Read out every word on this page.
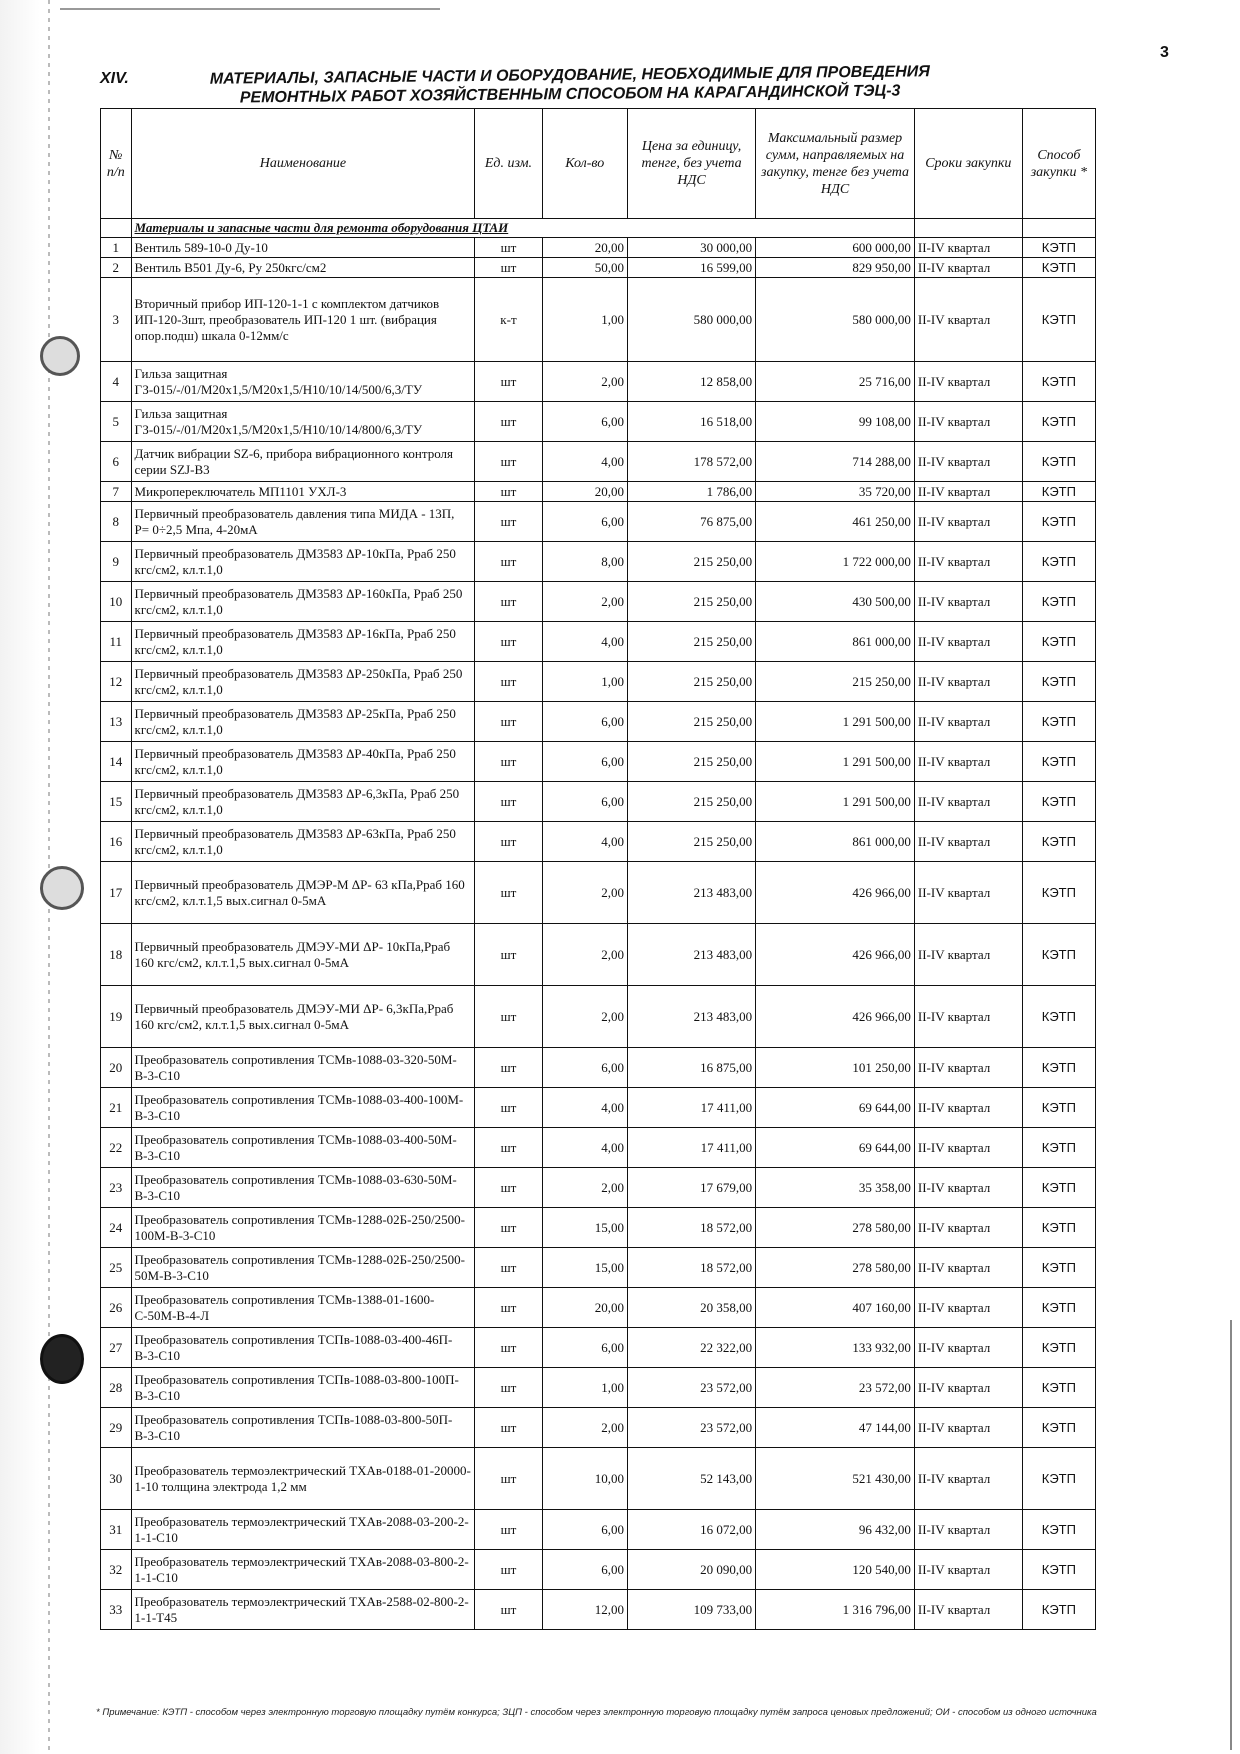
3
XIV.	МАТЕРИАЛЫ, ЗАПАСНЫЕ ЧАСТИ И ОБОРУДОВАНИЕ, НЕОБХОДИМЫЕ ДЛЯ ПРОВЕДЕНИЯ
РЕМОНТНЫХ РАБОТ ХОЗЯЙСТВЕННЫМ СПОСОБОМ НА КАРАГАНДИНСКОЙ ТЭЦ-3
№ п/п	Наименование	Ед. изм.	Кол-во	Цена за единицу, тенге, без учета НДС	Максимальный размер сумм, направляемых на закупку, тенге без учета НДС	Сроки закупки	Способ закупки *
	Материалы и запасные части для ремонта оборудования ЦТАИ						
1	Вентиль 589-10-0 Ду-10	шт	20,00	30 000,00	600 000,00	II-IV квартал	КЭТП
2	Вентиль В501 Ду-6, Ру 250кгс/см2	шт	50,00	16 599,00	829 950,00	II-IV квартал	КЭТП
3	Вторичный прибор ИП-120-1-1 с комплектом датчиков ИП-120-3шт, преобразователь ИП-120 1 шт. (вибрация опор.подш) шкала 0-12мм/с	к-т	1,00	580 000,00	580 000,00	II-IV квартал	КЭТП
4	Гильза защитная ГЗ-015/-/01/M20x1,5/M20x1,5/H10/10/14/500/6,3/ТУ	шт	2,00	12 858,00	25 716,00	II-IV квартал	КЭТП
5	Гильза защитная ГЗ-015/-/01/M20x1,5/M20x1,5/H10/10/14/800/6,3/ТУ	шт	6,00	16 518,00	99 108,00	II-IV квартал	КЭТП
6	Датчик вибрации SZ-6, прибора вибрационного контроля серии SZJ-B3	шт	4,00	178 572,00	714 288,00	II-IV квартал	КЭТП
7	Микропереключатель МП1101 УХЛ-3	шт	20,00	1 786,00	35 720,00	II-IV квартал	КЭТП
8	Первичный преобразователь давления типа МИДА - 13П, Р= 0÷2,5 Мпа, 4-20мА	шт	6,00	76 875,00	461 250,00	II-IV квартал	КЭТП
9	Первичный преобразователь ДМ3583 ΔР-10кПа, Рраб 250 кгс/см2, кл.т.1,0	шт	8,00	215 250,00	1 722 000,00	II-IV квартал	КЭТП
10	Первичный преобразователь ДМ3583 ΔР-160кПа, Рраб 250 кгс/см2, кл.т.1,0	шт	2,00	215 250,00	430 500,00	II-IV квартал	КЭТП
11	Первичный преобразователь ДМ3583 ΔР-16кПа, Рраб 250 кгс/см2, кл.т.1,0	шт	4,00	215 250,00	861 000,00	II-IV квартал	КЭТП
12	Первичный преобразователь ДМ3583 ΔР-250кПа, Рраб 250 кгс/см2, кл.т.1,0	шт	1,00	215 250,00	215 250,00	II-IV квартал	КЭТП
13	Первичный преобразователь ДМ3583 ΔР-25кПа, Рраб 250 кгс/см2, кл.т.1,0	шт	6,00	215 250,00	1 291 500,00	II-IV квартал	КЭТП
14	Первичный преобразователь ДМ3583 ΔР-40кПа, Рраб 250 кгс/см2, кл.т.1,0	шт	6,00	215 250,00	1 291 500,00	II-IV квартал	КЭТП
15	Первичный преобразователь ДМ3583 ΔР-6,3кПа, Рраб 250 кгс/см2, кл.т.1,0	шт	6,00	215 250,00	1 291 500,00	II-IV квартал	КЭТП
16	Первичный преобразователь ДМ3583 ΔР-63кПа, Рраб 250 кгс/см2, кл.т.1,0	шт	4,00	215 250,00	861 000,00	II-IV квартал	КЭТП
17	Первичный преобразователь ДМЭР-М ΔР- 63 кПа,Рраб 160 кгс/см2, кл.т.1,5 вых.сигнал 0-5мА	шт	2,00	213 483,00	426 966,00	II-IV квартал	КЭТП
18	Первичный преобразователь ДМЭУ-МИ ΔР- 10кПа,Рраб 160 кгс/см2, кл.т.1,5 вых.сигнал 0-5мА	шт	2,00	213 483,00	426 966,00	II-IV квартал	КЭТП
19	Первичный преобразователь ДМЭУ-МИ ΔР- 6,3кПа,Рраб 160 кгс/см2, кл.т.1,5 вых.сигнал 0-5мА	шт	2,00	213 483,00	426 966,00	II-IV квартал	КЭТП
20	Преобразователь сопротивления ТСМв-1088-03-320-50М-В-3-С10	шт	6,00	16 875,00	101 250,00	II-IV квартал	КЭТП
21	Преобразователь сопротивления ТСМв-1088-03-400-100М-В-3-С10	шт	4,00	17 411,00	69 644,00	II-IV квартал	КЭТП
22	Преобразователь сопротивления ТСМв-1088-03-400-50М-В-3-С10	шт	4,00	17 411,00	69 644,00	II-IV квартал	КЭТП
23	Преобразователь сопротивления ТСМв-1088-03-630-50М-В-3-С10	шт	2,00	17 679,00	35 358,00	II-IV квартал	КЭТП
24	Преобразователь сопротивления ТСМв-1288-02Б-250/2500-100М-В-3-С10	шт	15,00	18 572,00	278 580,00	II-IV квартал	КЭТП
25	Преобразователь сопротивления ТСМв-1288-02Б-250/2500-50М-В-3-С10	шт	15,00	18 572,00	278 580,00	II-IV квартал	КЭТП
26	Преобразователь сопротивления ТСМв-1388-01-1600-С-50М-В-4-Л	шт	20,00	20 358,00	407 160,00	II-IV квартал	КЭТП
27	Преобразователь сопротивления ТСПв-1088-03-400-46П-В-3-С10	шт	6,00	22 322,00	133 932,00	II-IV квартал	КЭТП
28	Преобразователь сопротивления ТСПв-1088-03-800-100П-В-3-С10	шт	1,00	23 572,00	23 572,00	II-IV квартал	КЭТП
29	Преобразователь сопротивления ТСПв-1088-03-800-50П-В-3-С10	шт	2,00	23 572,00	47 144,00	II-IV квартал	КЭТП
30	Преобразователь термоэлектрический ТХАв-0188-01-20000-1-10 толщина электрода 1,2 мм	шт	10,00	52 143,00	521 430,00	II-IV квартал	КЭТП
31	Преобразователь термоэлектрический ТХАв-2088-03-200-2-1-1-С10	шт	6,00	16 072,00	96 432,00	II-IV квартал	КЭТП
32	Преобразователь термоэлектрический ТХАв-2088-03-800-2-1-1-С10	шт	6,00	20 090,00	120 540,00	II-IV квартал	КЭТП
33	Преобразователь термоэлектрический ТХАв-2588-02-800-2-1-1-Т45	шт	12,00	109 733,00	1 316 796,00	II-IV квартал	КЭТП
* Примечание: КЭТП - способом через электронную торговую площадку путём конкурса; ЗЦП - способом через электронную торговую площадку путём запроса ценовых предложений; ОИ - способом из одного источника
